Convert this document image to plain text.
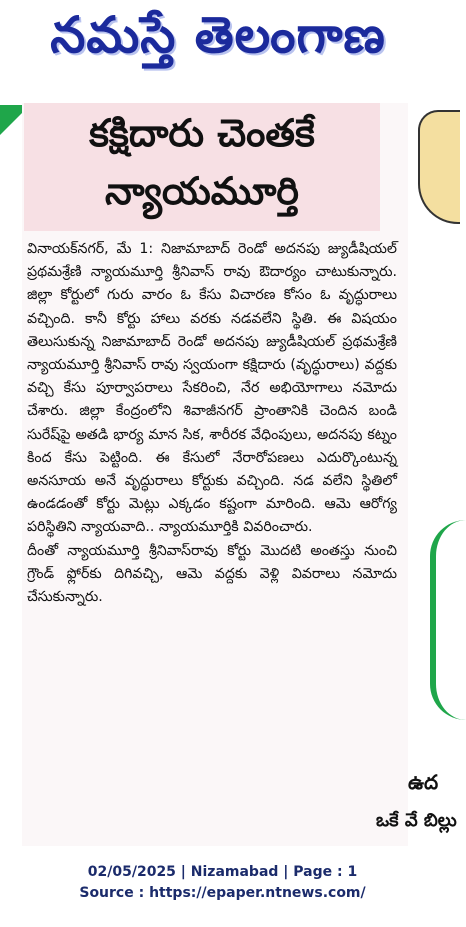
నమస్తే తెలంగాణ
కక్షిదారు చెంతకే
న్యాయమూర్తి

వినాయక్‌నగర్‌, మే 1: నిజామాబాద్‌ రెండో అదనపు జ్యుడీషియల్‌ ప్రథమశ్రేణి న్యాయమూర్తి శ్రీనివాస్‌ రావు ఔదార్యం చాటుకున్నారు. జిల్లా కోర్టులో గురు వారం ఓ కేసు విచారణ కోసం ఓ వృద్ధురాలు వచ్చింది. కానీ కోర్టు హాలు వరకు నడవలేని స్థితి. ఈ విషయం తెలుసుకున్న నిజామాబాద్‌ రెండో అదనపు జ్యుడీషియల్‌ ప్రథమశ్రేణి న్యాయమూర్తి శ్రీనివాస్‌ రావు స్వయంగా కక్షిదారు (వృద్ధురాలు) వద్దకు వచ్చి కేసు పూర్వాపరాలు సేకరించి, నేర అభియోగాలు నమోదు చేశారు. జిల్లా కేంద్రంలోని శివాజీనగర్‌ ప్రాంతానికి చెందిన బండి సురేష్‌పై అతడి భార్య మాన సిక, శారీరక వేధింపులు, అదనపు కట్నం కింద కేసు పెట్టింది. ఈ కేసులో నేరారోపణలు ఎదుర్కొంటున్న అనసూయ అనే వృద్ధురాలు కోర్టుకు వచ్చింది. నడ వలేని స్థితిలో ఉండడంతో కోర్టు మెట్లు ఎక్కడం కష్టంగా మారింది. ఆమె ఆరోగ్య పరిస్థితిని న్యాయవాది.. న్యాయమూర్తికి వివరించారు.

దీంతో న్యాయమూర్తి శ్రీనివాస్‌రావు కోర్టు మొదటి అంతస్తు నుంచి గ్రౌండ్‌ ఫ్లోర్‌కు దిగివచ్చి, ఆమె వద్దకు వెళ్లి వివరాలు నమోదు చేసుకున్నారు.

ఉద
ఒకే వే బిల్లు
02/05/2025 | Nizamabad | Page : 1
Source : https://epaper.ntnews.com/
